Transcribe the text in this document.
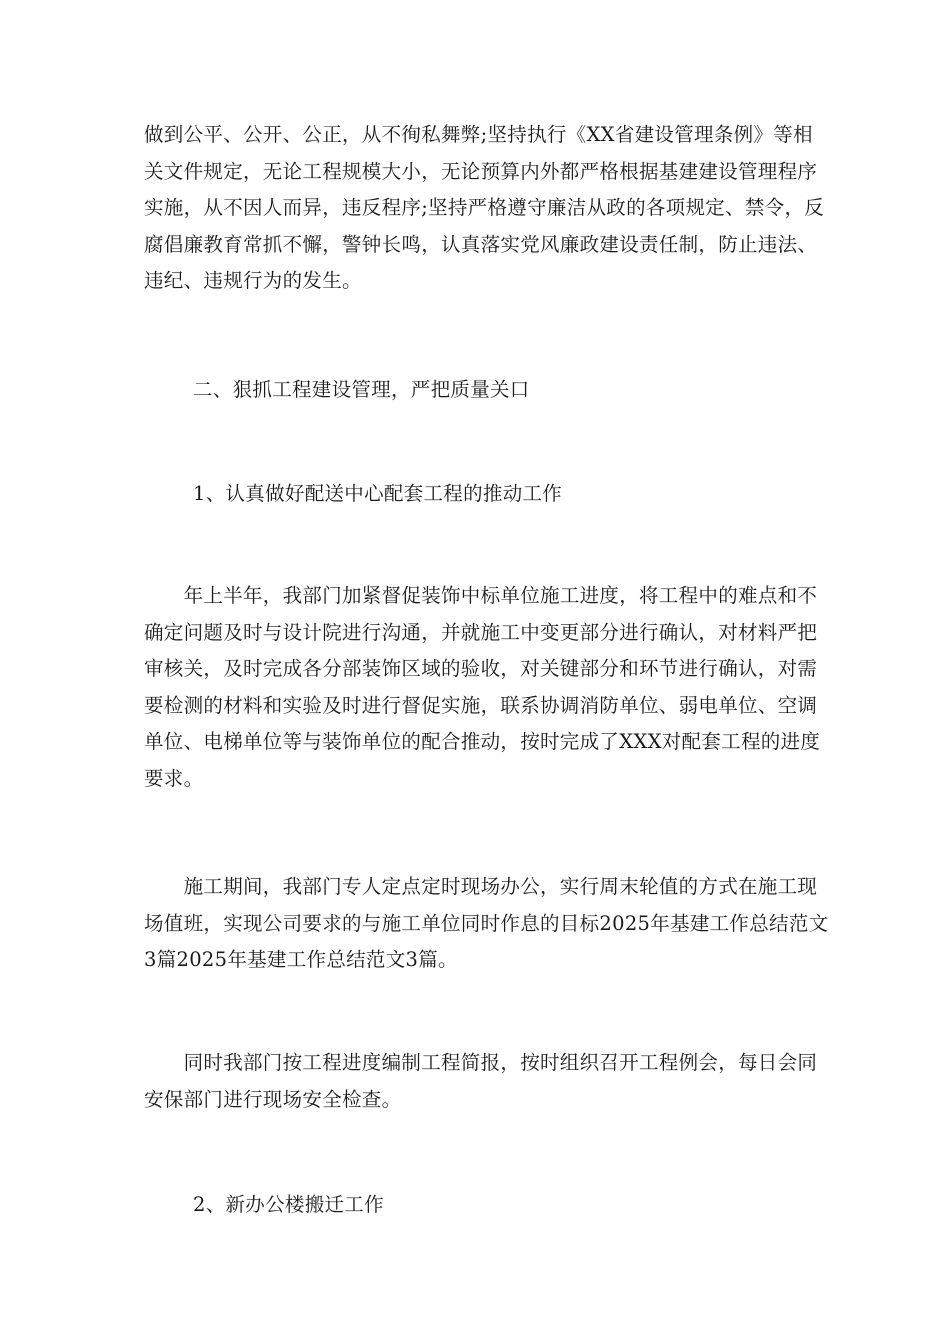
做到公平、公开、公正，从不徇私舞弊;坚持执行《XX省建设管理条例》等相
关文件规定，无论工程规模大小，无论预算内外都严格根据基建建设管理程序
实施，从不因人而异，违反程序;坚持严格遵守廉洁从政的各项规定、禁令，反
腐倡廉教育常抓不懈，警钟长鸣，认真落实党风廉政建设责任制，防止违法、
违纪、违规行为的发生。
二、狠抓工程建设管理，严把质量关口
1、认真做好配送中心配套工程的推动工作
　　年上半年，我部门加紧督促装饰中标单位施工进度，将工程中的难点和不
确定问题及时与设计院进行沟通，并就施工中变更部分进行确认，对材料严把
审核关，及时完成各分部装饰区域的验收，对关键部分和环节进行确认，对需
要检测的材料和实验及时进行督促实施，联系协调消防单位、弱电单位、空调
单位、电梯单位等与装饰单位的配合推动，按时完成了XXX对配套工程的进度
要求。
　　施工期间，我部门专人定点定时现场办公，实行周末轮值的方式在施工现
场值班，实现公司要求的与施工单位同时作息的目标2025年基建工作总结范文
3篇2025年基建工作总结范文3篇。
　　同时我部门按工程进度编制工程简报，按时组织召开工程例会，每日会同
安保部门进行现场安全检查。
2、新办公楼搬迁工作
